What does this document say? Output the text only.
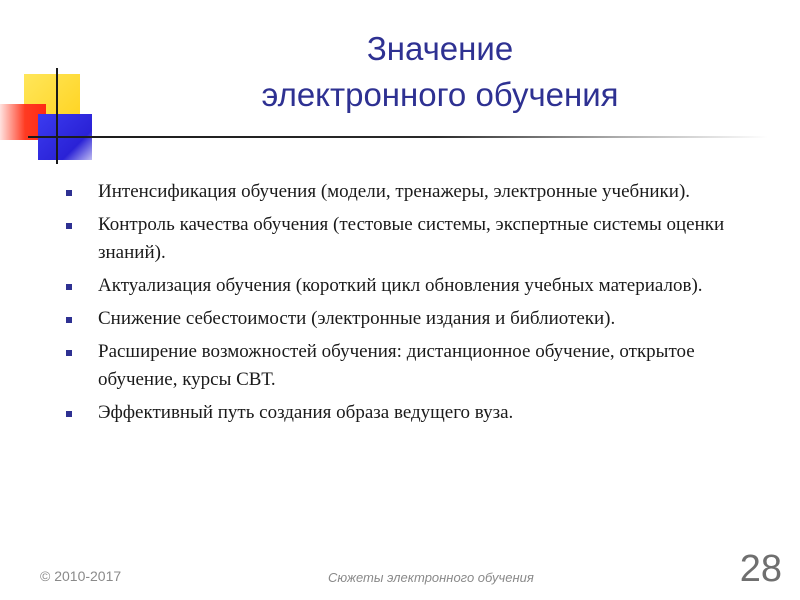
Значение
электронного обучения
Интенсификация обучения (модели, тренажеры, электронные учебники).
Контроль качества обучения (тестовые системы, экспертные системы оценки знаний).
Актуализация обучения (короткий цикл обновления учебных материалов).
Снижение себестоимости (электронные издания и библиотеки).
Расширение возможностей обучения: дистанционное обучение, открытое обучение, курсы СВТ.
Эффективный путь создания образа ведущего вуза.
© 2010-2017	Сюжеты электронного обучения	28
